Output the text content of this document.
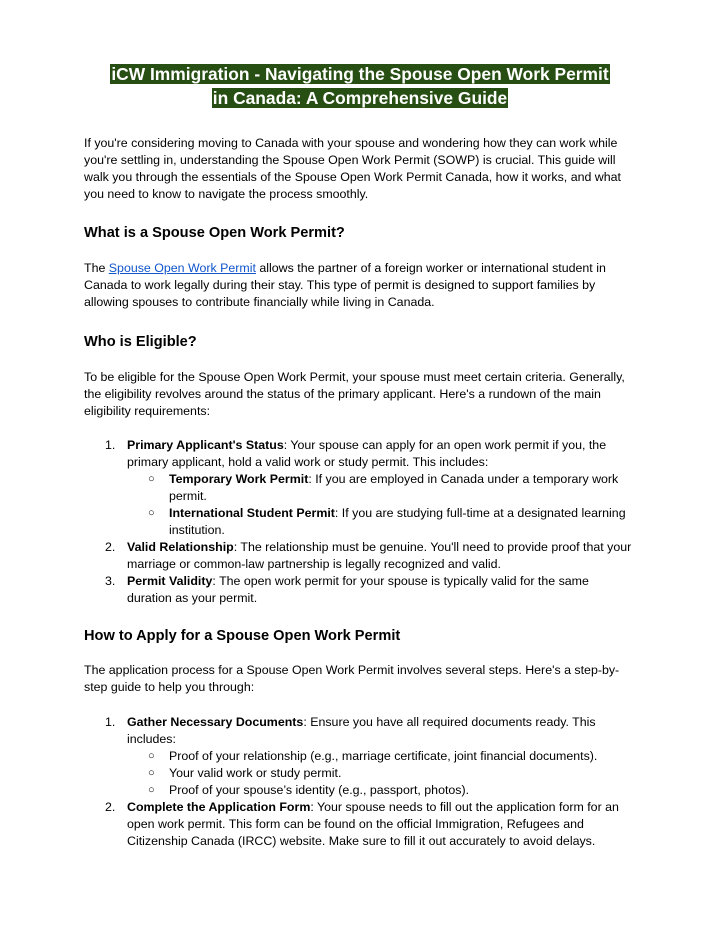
iCW Immigration - Navigating the Spouse Open Work Permit
in Canada: A Comprehensive Guide

If you're considering moving to Canada with your spouse and wondering how they can work while you're settling in, understanding the Spouse Open Work Permit (SOWP) is crucial. This guide will walk you through the essentials of the Spouse Open Work Permit Canada, how it works, and what you need to know to navigate the process smoothly.

What is a Spouse Open Work Permit?

The Spouse Open Work Permit allows the partner of a foreign worker or international student in Canada to work legally during their stay. This type of permit is designed to support families by allowing spouses to contribute financially while living in Canada.

Who is Eligible?

To be eligible for the Spouse Open Work Permit, your spouse must meet certain criteria. Generally, the eligibility revolves around the status of the primary applicant. Here's a rundown of the main eligibility requirements:

1. Primary Applicant's Status: Your spouse can apply for an open work permit if you, the primary applicant, hold a valid work or study permit. This includes:
○ Temporary Work Permit: If you are employed in Canada under a temporary work permit.
○ International Student Permit: If you are studying full-time at a designated learning institution.
2. Valid Relationship: The relationship must be genuine. You'll need to provide proof that your marriage or common-law partnership is legally recognized and valid.
3. Permit Validity: The open work permit for your spouse is typically valid for the same duration as your permit.
How to Apply for a Spouse Open Work Permit

The application process for a Spouse Open Work Permit involves several steps. Here's a step-by-step guide to help you through:

1. Gather Necessary Documents: Ensure you have all required documents ready. This includes:
○ Proof of your relationship (e.g., marriage certificate, joint financial documents).
○ Your valid work or study permit.
○ Proof of your spouse’s identity (e.g., passport, photos).
2. Complete the Application Form: Your spouse needs to fill out the application form for an open work permit. This form can be found on the official Immigration, Refugees and Citizenship Canada (IRCC) website. Make sure to fill it out accurately to avoid delays.
